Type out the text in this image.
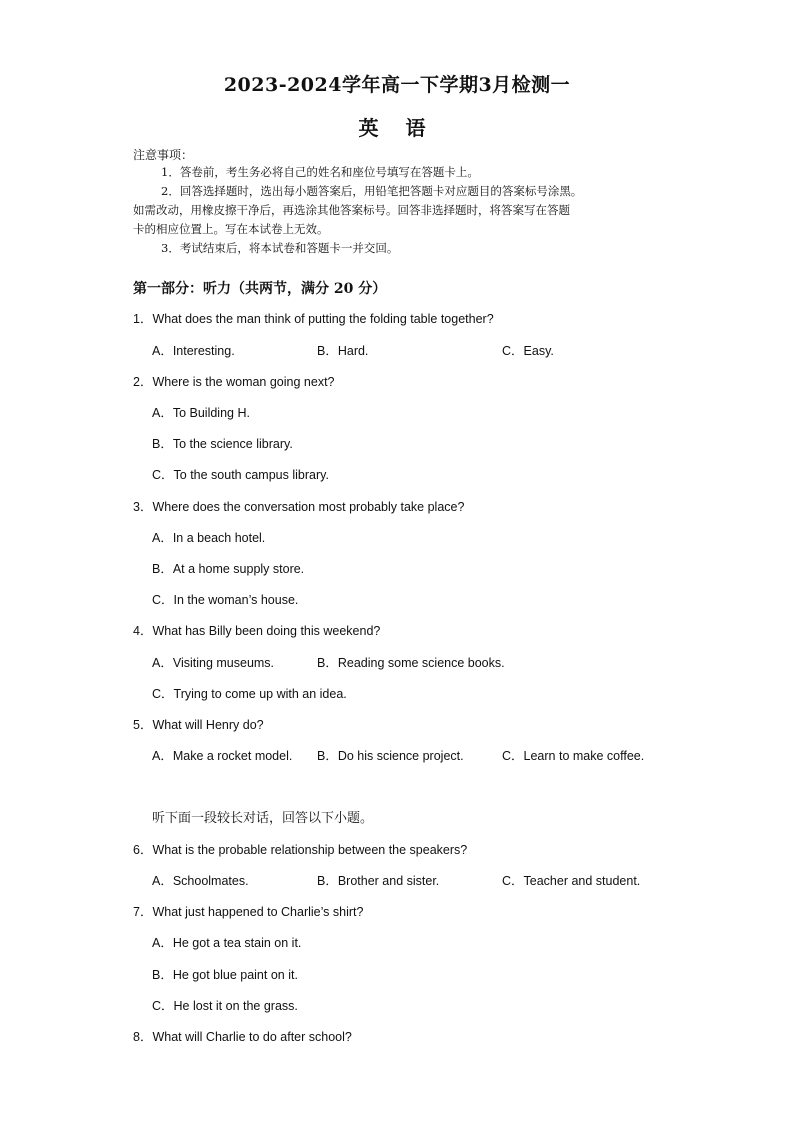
2023-2024学年高一下学期3月检测一
英 语
注意事项：

1．答卷前，考生务必将自己的姓名和座位号填写在答题卡上。

2．回答选择题时，选出每小题答案后，用铅笔把答题卡对应题目的答案标号涂黑。

如需改动，用橡皮擦干净后，再选涂其他答案标号。回答非选择题时，将答案写在答题

卡的相应位置上。写在本试卷上无效。

3．考试结束后，将本试卷和答题卡一并交回。

第一部分：听力（共两节，满分 20 分）
1．What does the man think of putting the folding table together?
A．Interesting.	B．Hard.	C．Easy.
2．Where is the woman going next?
A．To Building H.
B．To the science library.
C．To the south campus library.
3．Where does the conversation most probably take place?
A．In a beach hotel.
B．At a home supply store.
C．In the woman’s house.
4．What has Billy been doing this weekend?
A．Visiting museums.	B．Reading some science books.
C．Trying to come up with an idea.
5．What will Henry do?
A．Make a rocket model. B．Do his science project.	C．Learn to make coffee.
听下面一段较长对话，回答以下小题。
6．What is the probable relationship between the speakers?
A．Schoolmates.	B．Brother and sister.	C．Teacher and student.
7．What just happened to Charlie’s shirt?
A．He got a tea stain on it.
B．He got blue paint on it.
C．He lost it on the grass.
8．What will Charlie to do after school?
